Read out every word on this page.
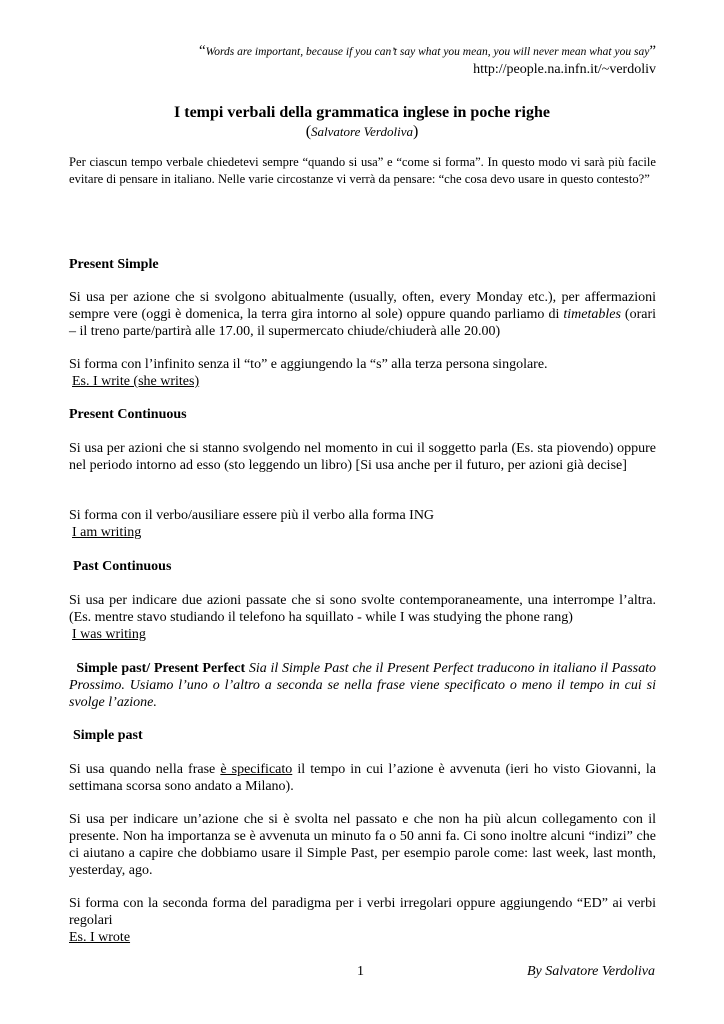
“Words are important, because if you can’t say what you mean, you will never mean what you say”
http://people.na.infn.it/~verdoliv
I tempi verbali della grammatica inglese in poche righe
(Salvatore Verdoliva)
Per ciascun tempo verbale chiedetevi sempre “quando si usa” e “come si forma”. In questo modo vi sarà più facile evitare di pensare in italiano. Nelle varie circostanze vi verrà da pensare: “che cosa devo usare in questo contesto?”
Present Simple
Si usa per azione che si svolgono abitualmente (usually, often, every Monday etc.), per affermazioni sempre vere (oggi è domenica, la terra gira intorno al sole) oppure quando parliamo di timetables (orari – il treno parte/partirà alle 17.00, il supermercato chiude/chiuderà alle 20.00)
Si forma con l’infinito senza il “to” e aggiungendo la “s” alla terza persona singolare.
Es. I write (she writes)
Present Continuous
Si usa per azioni che si stanno svolgendo nel momento in cui il soggetto parla (Es. sta piovendo) oppure nel periodo intorno ad esso (sto leggendo un libro) [Si usa anche per il futuro, per azioni già decise]
Si forma con il verbo/ausiliare essere più il verbo alla forma ING
I am writing
Past Continuous
Si usa per indicare due azioni passate che si sono svolte contemporaneamente, una interrompe l’altra. (Es. mentre stavo studiando il telefono ha squillato - while I was studying the phone rang)
I was writing
Simple past/ Present Perfect Sia il Simple Past che il Present Perfect traducono in italiano il Passato Prossimo. Usiamo l’uno o l’altro a seconda se nella frase viene specificato o meno il tempo in cui si svolge l’azione.
Simple past
Si usa quando nella frase è specificato il tempo in cui l’azione è avvenuta (ieri ho visto Giovanni, la settimana scorsa sono andato a Milano).
Si usa per indicare un’azione che si è svolta nel passato e che non ha più alcun collegamento con il presente. Non ha importanza se è avvenuta un minuto fa o 50 anni fa. Ci sono inoltre alcuni “indizi” che ci aiutano a capire che dobbiamo usare il Simple Past, per esempio parole come: last week, last month, yesterday, ago.
Si forma con la seconda forma del paradigma per i verbi irregolari oppure aggiungendo “ED” ai verbi regolari
Es. I wrote
1	By Salvatore Verdoliva
